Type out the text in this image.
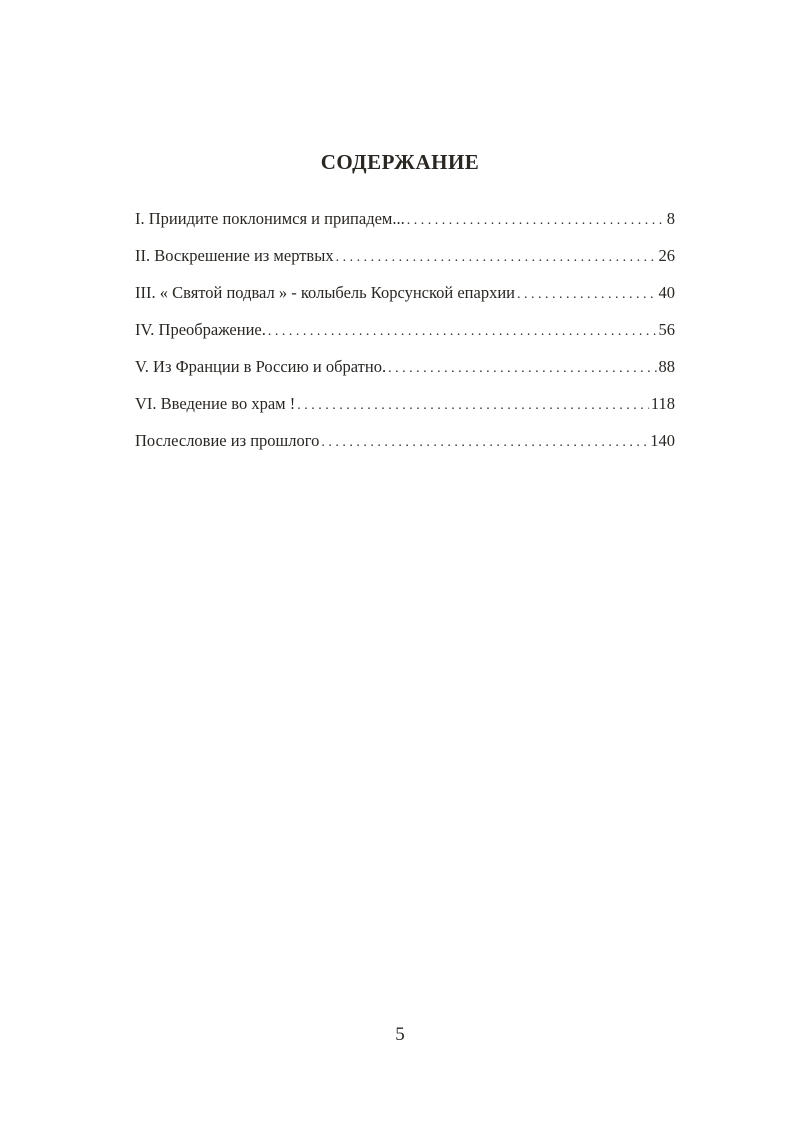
СОДЕРЖАНИЕ
I. Приидите поклонимся и припадем... . . .	8
II. Воскрешение из мертвых . . .	26
III. « Святой подвал » - колыбель Корсунской епархии . . .	40
IV. Преображение. . . .	56
V. Из Франции в Россию и обратно. . . .	88
VI. Введение во храм ! . . .	118
Послесловие из прошлого . . .	140
5
